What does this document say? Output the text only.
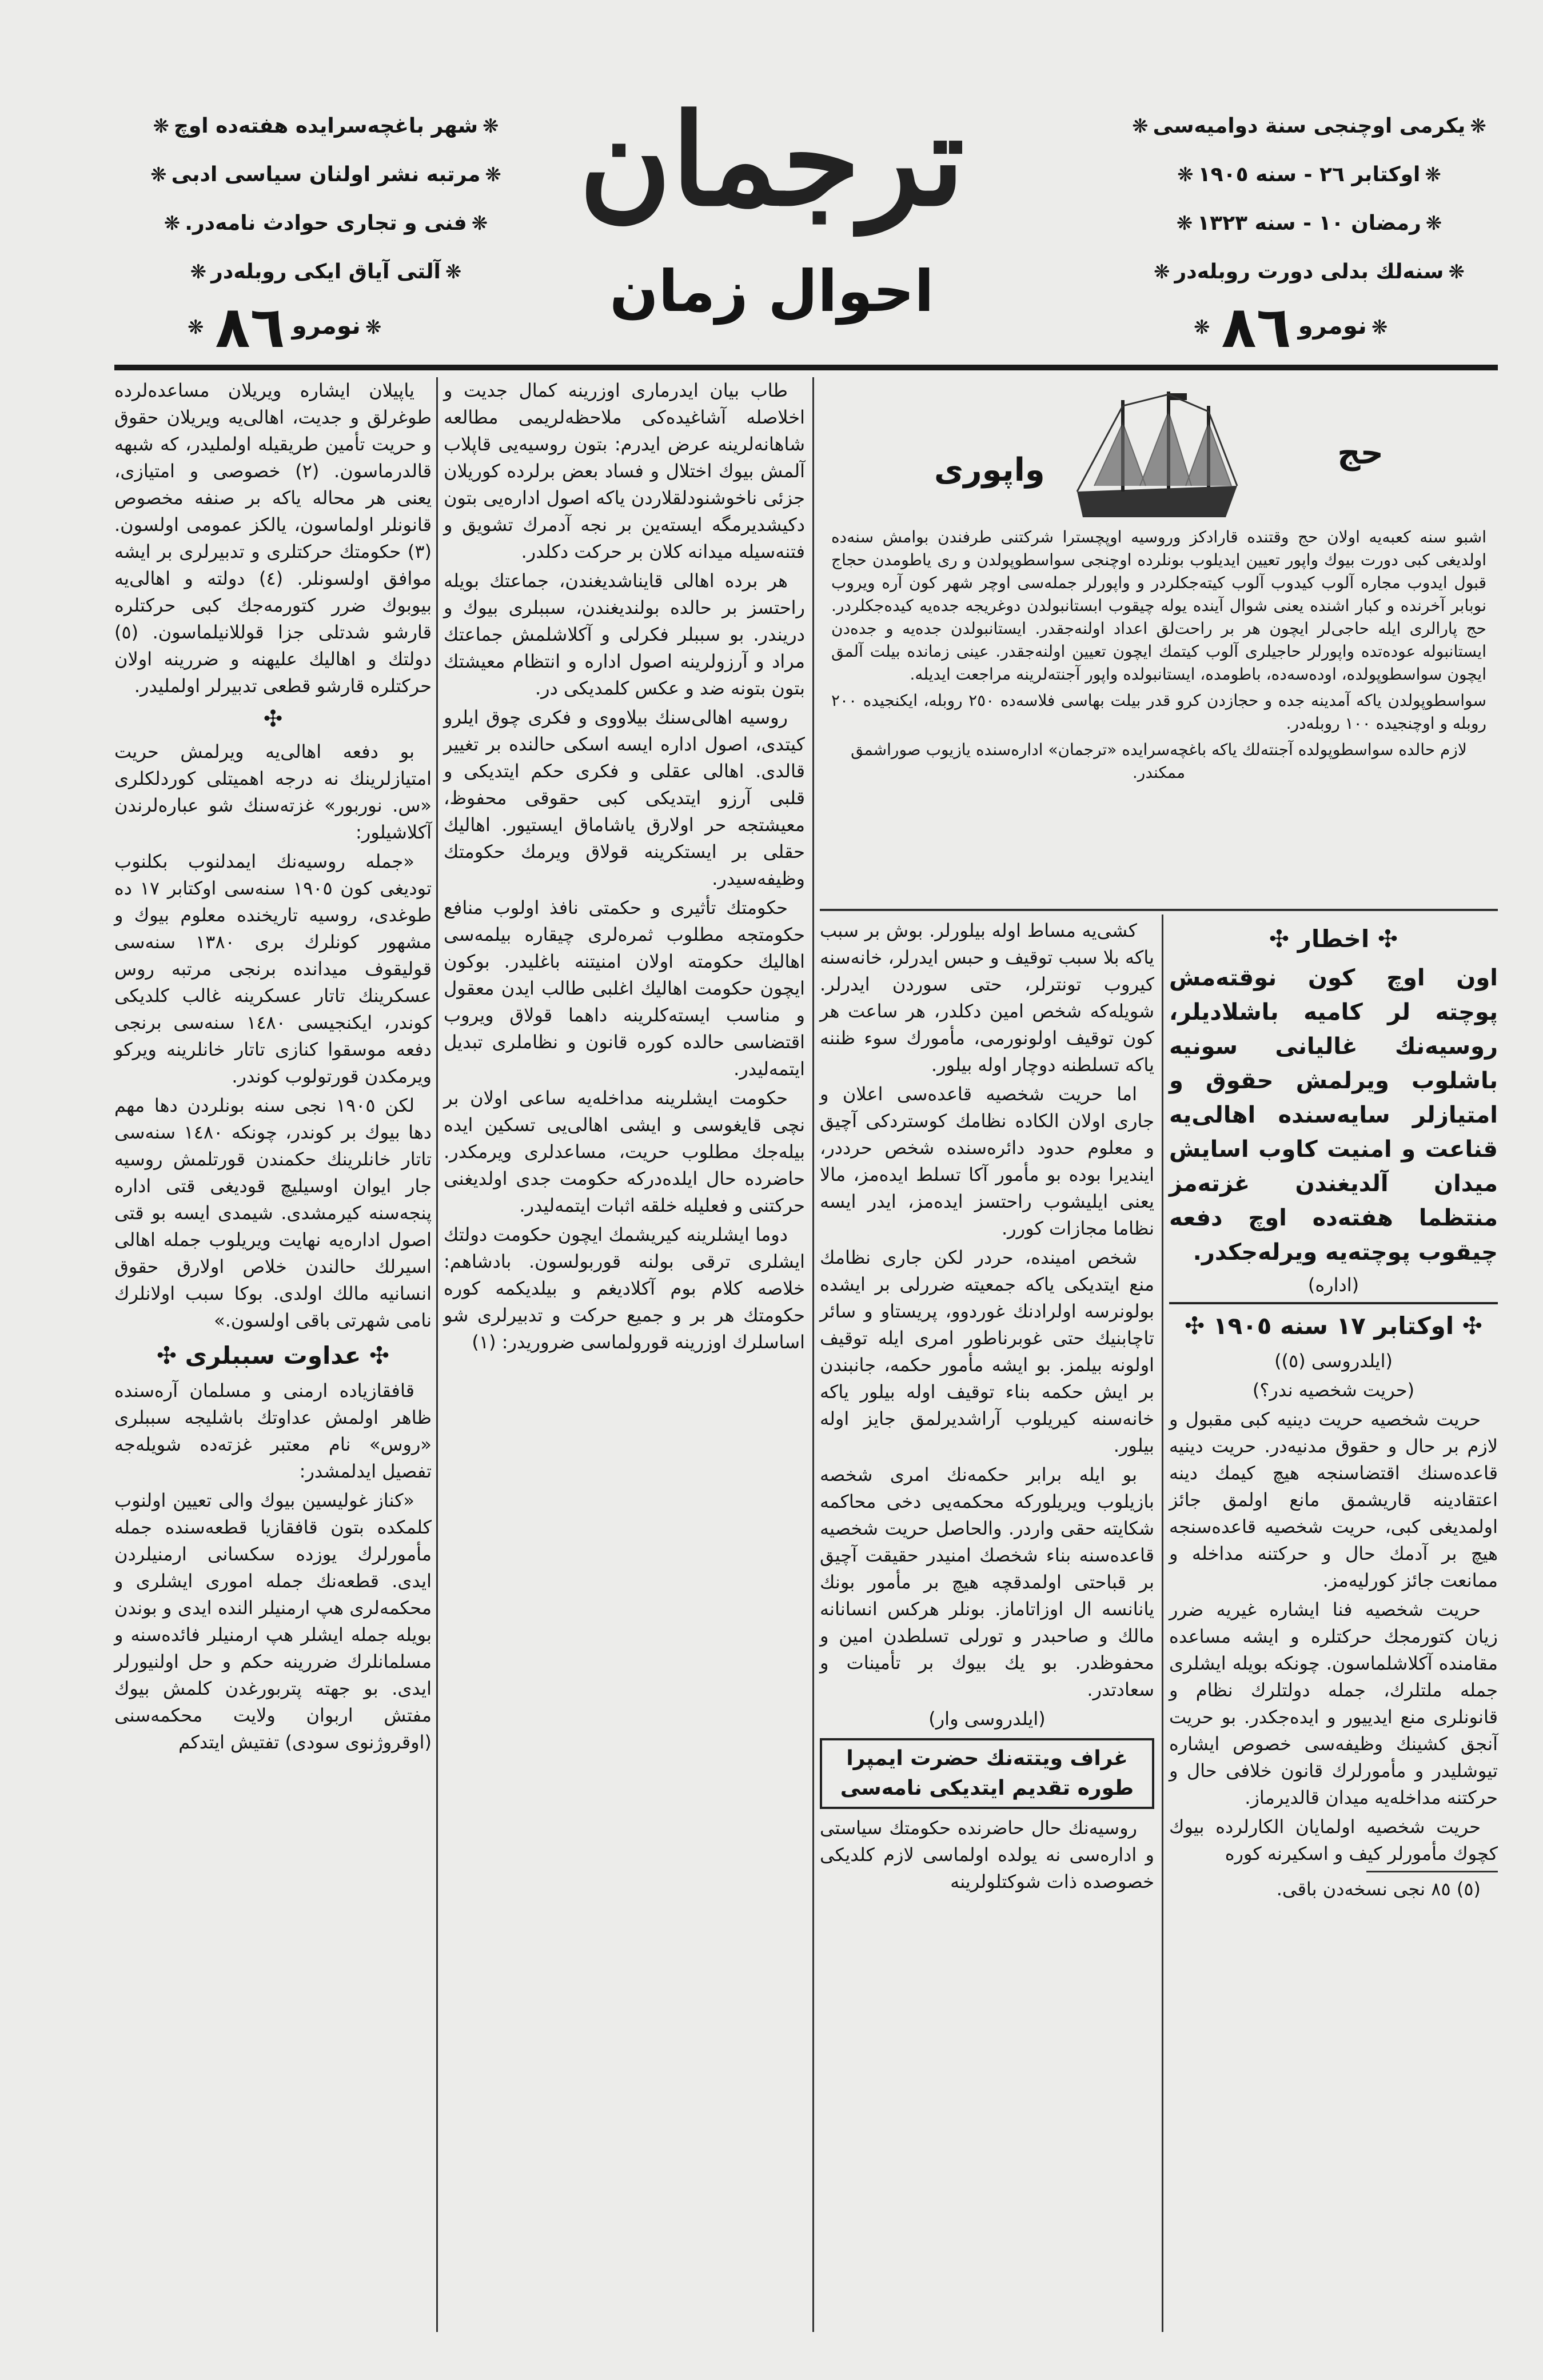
ترجمان
احوال زمان
❋يكرمى اوچنجى سنة دواميه‌سى❋
❋اوكتابر ۲٦ - سنه ۱۹۰٥❋
❋رمضان ۱۰ - سنه ۱۳۲۳❋
❋سنه‌لك بدلى دورت روبله‌در❋
❋نومرو۸٦❋
❋شهر باغچه‌سرايده هفته‌ده اوچ❋
❋مرتبه نشر اولنان سياسى ادبى❋
❋فنى و تجارى حوادث نامه‌در.❋
❋آلتى آياق ايكى روبله‌در❋
❋نومرو۸٦❋
حج
واپورى
اشبو سنه كعبه‌يه اولان حج‌ وقتنده قارادكز وروسيه اوپچسترا شركتنى طرفندن بوامش سنه‌ده اولديغى كبى دورت بيوك واپور تعيين ايديلوب بونلرده اوچنجى سواسطوپولدن و رى ياطومدن حجاج قبول ايدوب مجاره آلوب كيدوب آلوب كيته‌جكلردر و واپورلر جمله‌سى اوچر شهر كون آره ويروب نوبابر آخرنده و كبار اشنده يعنى شوال آينده يوله چيقوب ابستانبولدن دوغريجه جده‌يه كيده‌جكلردر. حج پارالرى ايله حاجى‌لر ايچون هر بر راحت‌لق اعداد اولنه‌جقدر. ايستانبولدن جده‌يه و جده‌دن ايستانبوله عوده‌تده واپورلر حاجيلرى آلوب كيتمك ايچون تعيين اولنه‌جقدر. عينى زمانده بيلت آلمق ايچون سواسطوپولده، اوده‌سه‌ده، باطومده، ايستانبولده واپور آجنته‌لرينه مراجعت ايديله.
سواسطوپولدن ياكه آمدينه جده و حجازدن كرو قدر بيلت بهاسى فلاسه‌ده ۲٥۰ روبله، ايكنجيده ۲۰۰ روبله و اوچنجيده ۱۰۰ روبله‌در.
لازم حالده سواسطوپولده آجنته‌لك ياكه باغچه‌سرايده «ترجمان» اداره‌سنده يازيوب صوراشمق ممكندر.
✣ اخطار ✣

اون اوچ كون نوقته‌مش پوچته لر كاميه باشلاديلر، روسيه‌نك غاليانى سونيه باشلوب ويرلمش حقوق و امتيازلر سايه‌سنده اهالى‌يه قناعت و امنيت كاوب اسايش ميدان آلديغندن غزته‌مز منتظما هفته‌ده اوچ دفعه چيقوب پوچته‌يه ويرله‌جكدر.

(اداره)

✣ اوكتابر ۱۷ سنه ۱۹۰٥ ✣

(ايلدروسى (٥))

(حريت شخصيه ندر؟)

حريت شخصيه حريت دينيه كبى مقبول و لازم بر حال و حقوق مدنيه‌در. حريت دينيه قاعده‌سنك اقتضاسنجه هيچ كيمك دينه اعتقادينه قاريشمق مانع اولمق جائز اولمديغى كبى، حريت شخصيه قاعده‌سنجه هيچ بر آدمك حال و حركتنه مداخله و ممانعت جائز كورليه‌مز.

حريت شخصيه فنا ايشاره غيريه ضرر زيان كتورمجك حركتلره و ايشه مساعده مقامنده آكلاشلماسون. چونكه بويله ايشلرى جمله ملتلرك، جمله دولتلرك نظام و قانونلرى منع ايدييور و ايده‌جكدر. بو حريت آنجق كشينك وظيفه‌سى خصوص ايشاره تيوشليدر و مأمورلرك قانون خلافى حال و حركتنه مداخله‌يه ميدان قالديرماز.

حريت شخصيه اولمايان الكارلرده بيوك كچوك مأمورلر كيف و اسكيرنه كوره

(٥) ۸٥ نجى نسخه‌دن باقى.

كشى‌يه مساط اوله بيلورلر. بوش بر سبب ياكه بلا سبب توقيف و حبس ايدرلر، خانه‌سنه كيروب تونترلر، حتى سوردن ايدرلر. شويله‌كه شخص امين دكلدر، هر ساعت هر كون توقيف اولونورمى، مأمورك سوء ظننه ياكه تسلطنه دوچار اوله بيلور.

اما حريت شخصيه قاعده‌سى اعلان و جارى اولان الكاده نظامك كوستردكى آچيق و معلوم حدود دائره‌سنده شخص حرددر، اينديرا بوده بو مأمور آكا تسلط ايده‌مز، مالا يعنى ايليشوب راحتسز ايده‌مز، ايدر ايسه نظاما مجازات كورر.

شخص امينده، حردر لكن جارى نظامك منع ايتديكى ياكه جمعيته ضررلى بر ايشده بولونرسه اولرادنك غوردوو، پريستاو و سائر تاچابنيك حتى غوبرناطور امرى ايله توقيف اولونه بيلمز. بو ايشه مأمور حكمه، جانبندن بر ايش حكمه بناء توقيف اوله بيلور ياكه خانه‌سنه كيريلوب آراشديرلمق جايز اوله بيلور.

بو ايله برابر حكمه‌نك امرى شخصه بازيلوب ويريلوركه محكمه‌يى دخى محاكمه شكايته حقى واردر. والحاصل حريت شخصيه قاعده‌سنه بناء شخصك امنيدر حقيقت آچيق بر قباحتى اولمدقچه هيچ بر مأمور بونك يانانسه ال اوزاتاماز. بونلر هركس انسانانه مالك و صاحبدر و تورلى تسلطدن امين و محفوظدر. بو يك بيوك بر تأمينات و سعادتدر.

(ايلدروسى وار)

غراف ويتته‌نك حضرت ايمپرا
طوره تقديم ايتديكى نامه‌سى

روسيه‌نك حال حاضرنده حكومتك سياستى و اداره‌سى نه يولده اولماسى لازم كلديكى خصوصده ذات شوكتلولرينه

طاب بيان ايدرمارى اوزرينه كمال جديت و اخلاصله آشاغيده‌كى ملاحظه‌لريمى مطالعه شاهانه‌لرينه عرض ايدرم: بتون روسيه‌يى قاپلاب آلمش بيوك اختلال و فساد بعض برلرده كوريلان جزئى ناخوشنودلقلاردن ياكه اصول اداره‌يى بتون دكيشديرمگه ايسته‌ين بر نجه آدمرك تشويق و فتنه‌سيله ميدانه كلان بر حركت دكلدر.

هر برده اهالى قايناشديغندن، جماعتك بويله راحتسز بر حالده بولنديغندن، سببلرى بيوك و دريندر. بو سببلر فكرلى و آكلاشلمش جماعتك مراد و آرزولرينه اصول اداره و انتظام معيشتك بتون بتونه ضد و عكس كلمديكى در.

روسيه اهالى‌سنك بيلاووى و فكرى چوق ايلرو كيتدى، اصول اداره ايسه اسكى حالنده بر تغيير قالدى. اهالى عقلى و فكرى حكم ايتديكى و قلبى آرزو ايتديكى كبى حقوقى محفوظ، معيشتجه حر اولارق ياشاماق ايستيور. اهاليك حقلى بر ايستكرينه قولاق ويرمك حكومتك وظيفه‌سيدر.

حكومتك تأثيرى و حكمتى نافذ اولوب منافع حكومتجه مطلوب ثمره‌لرى چيقاره بيلمه‌سى اهاليك حكومته اولان امنيتنه باغليدر. بوكون ايچون حكومت اهاليك اغلبى طالب ايدن معقول و مناسب ايسته‌كلرينه داهما قولاق ويروب اقتضاسى حالده كوره قانون و نظاملرى تبديل ايتمه‌ليدر.

حكومت ايشلرينه مداخله‌يه ساعى اولان بر نچى قايغوسى و ايشى اهالى‌يى تسكين ايده بيله‌جك مطلوب حريت، مساعدلرى ويرمكدر. حاضرده حال ايلده‌دركه حكومت جدى اولديغنى حركتنى و فعليله خلقه اثبات ايتمه‌ليدر.

دوما ايشلرينه كيريشمك ايچون حكومت دولتك ايشلرى ترقى بولنه قوربولسون. بادشاهم: خلاصه كلام بوم آكلاديغم و بيلديكمه كوره حكومتك هر بر و جميع حركت و تدبيرلرى شو اساسلرك اوزرينه قورولماسى ضروريدر: (۱)

ياپيلان ايشاره ويريلان مساعده‌لرده طوغرلق و جديت، اهالى‌يه ويريلان حقوق و حريت تأمين طريقيله اولمليدر، كه شبهه قالدرماسون. (۲) خصوصى و امتيازى، يعنى هر محاله ياكه بر صنفه مخصوص قانونلر اولماسون، يالكز عمومى اولسون. (۳) حكومتك حركتلرى و تدبيرلرى بر ايشه موافق اولسونلر. (٤) دولته و اهالى‌يه بيوبوك ضرر كتورمه‌جك كبى حركتلره قارشو شدتلى جزا قوللانيلماسون. (٥) دولتك و اهاليك عليهنه و ضررينه اولان حركتلره قارشو قطعى تدبيرلر اولمليدر.

✣

بو دفعه اهالى‌يه ويرلمش حريت امتيازلرينك نه درجه اهميتلى كوردلكلرى «س. نوربور» غزته‌سنك شو عباره‌لرندن آكلاشيلور:

«جمله روسيه‌نك ايمدلنوب بكلنوب توديغى كون ۱۹۰٥ سنه‌سى اوكتابر ۱۷ ده طوغدى، روسيه تاريخنده معلوم بيوك و مشهور كونلرك برى ۱۳۸۰ سنه‌سى قوليقوف ميدانده برنجى مرتبه روس عسكرينك تاتار عسكرينه غالب كلديكى كوندر، ايكنجيسى ۱٤۸۰ سنه‌سى برنجى دفعه موسقوا كنازى تاتار خانلرينه ويركو ويرمكدن قورتولوب كوندر.

لكن ۱۹۰٥ نجى سنه بونلردن دها مهم دها بيوك بر كوندر، چونكه ۱٤۸۰ سنه‌سى تاتار خانلرينك حكمندن قورتلمش روسيه جار ايوان اوسيليچ قوديغى قتى اداره پنجه‌سنه كيرمشدى. شيمدى ايسه بو قتى اصول اداره‌يه نهايت ويريلوب جمله اهالى اسيرلك حالندن خلاص اولارق حقوق انسانيه مالك اولدى. بوكا سبب اولانلرك نامى شهرتى باقى اولسون.»

✣ عداوت سببلرى ✣

قافقازياده ارمنى و مسلمان آره‌سنده ظاهر اولمش عداوتك باشليجه سببلرى «روس» نام معتبر غزته‌ده شويله‌جه تفصيل ايدلمشدر:

«كناز غوليسين بيوك والى تعيين اولنوب كلمكده بتون قافقازيا قطعه‌سنده جمله مأمورلرك يوزده سكسانى ارمنيلردن ايدى. قطعه‌نك جمله امورى ايشلرى و محكمه‌لرى هپ ارمنيلر النده ايدى و بوندن بويله جمله ايشلر هپ ارمنيلر فائده‌سنه و مسلمانلرك ضررينه حكم و حل اولنيورلر ايدى. بو جهته پتربورغدن كلمش بيوك مفتش اربوان ولايت محكمه‌سنى (اوقروژنوى سودى) تفتيش ايتدكم
